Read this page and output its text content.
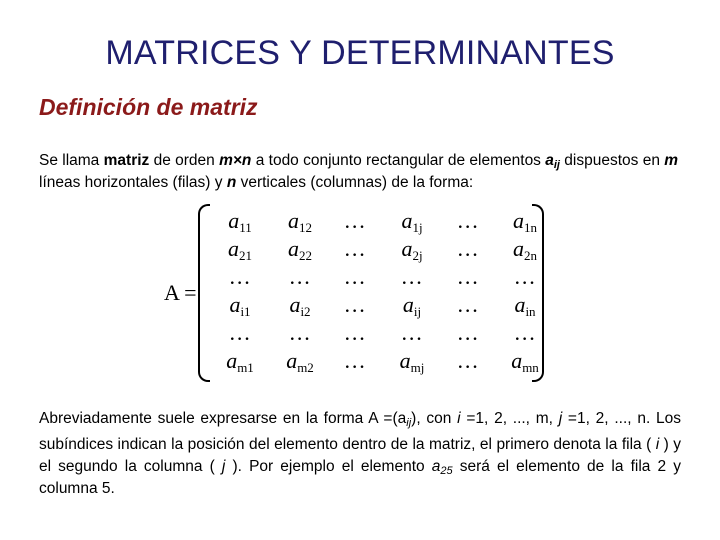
MATRICES Y DETERMINANTES
Definición de matriz
Se llama matriz de orden m×n a todo conjunto rectangular de elementos $a_{ij}$ dispuestos en m líneas horizontales (filas) y n verticales (columnas) de la forma:
A =
$a_{11}$	$a_{12}$	…	$a_{1j}$	…	$a_{1n}$
$a_{21}$	$a_{22}$	…	$a_{2j}$	…	$a_{2n}$
…	…	…	…	…	…
$a_{i1}$	$a_{i2}$	…	$a_{ij}$	…	$a_{in}$
…	…	…	…	…	…
$a_{m1}$	$a_{m2}$	…	$a_{mj}$	…	$a_{mn}$
Abreviadamente suele expresarse en la forma A =(aij), con i =1, 2, ..., m, j =1, 2, ..., n. Los subíndices indican la posición del elemento dentro de la matriz, el primero denota la fila ( i ) y el segundo la columna ( j ). Por ejemplo el elemento $a_{25}$ será el elemento de la fila 2 y columna 5.
